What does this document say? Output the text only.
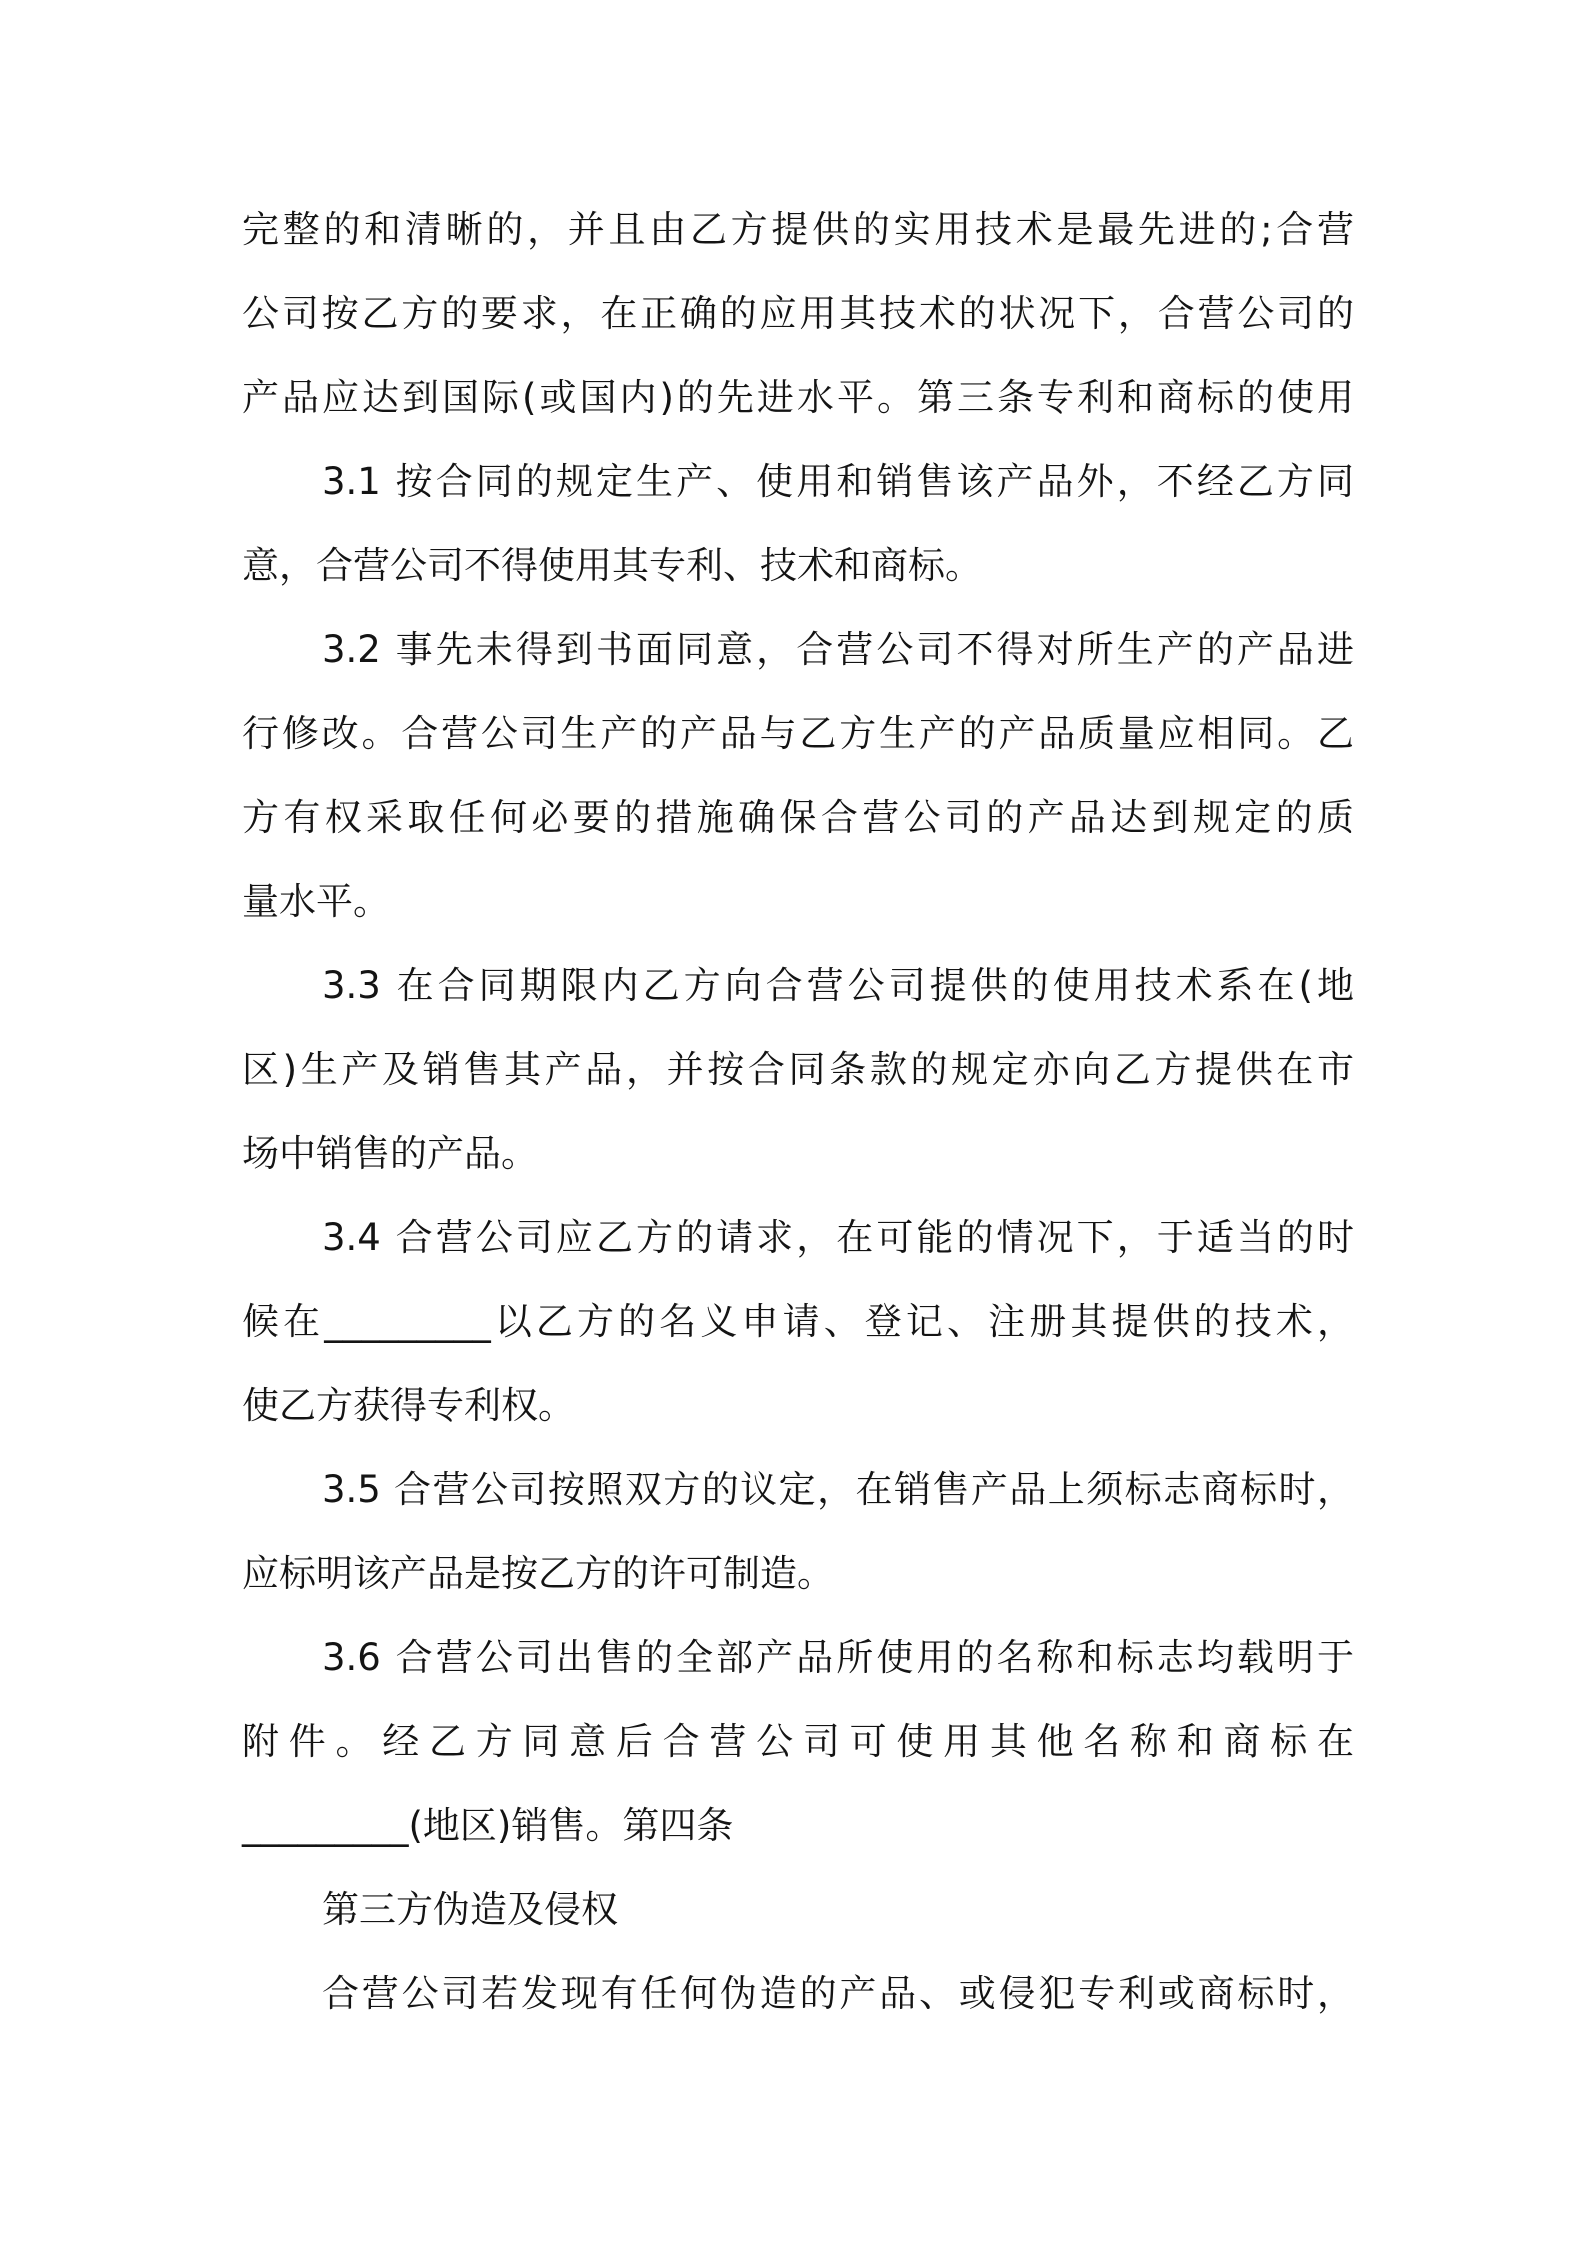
完整的和清晰的，并且由乙方提供的实用技术是最先进的;合营
公司按乙方的要求，在正确的应用其技术的状况下，合营公司的
产品应达到国际(或国内)的先进水平。第三条专利和商标的使用
3.1 按合同的规定生产、使用和销售该产品外，不经乙方同
意，合营公司不得使用其专利、技术和商标。
3.2 事先未得到书面同意，合营公司不得对所生产的产品进
行修改。合营公司生产的产品与乙方生产的产品质量应相同。乙
方有权采取任何必要的措施确保合营公司的产品达到规定的质
量水平。
3.3 在合同期限内乙方向合营公司提供的使用技术系在(地
区)生产及销售其产品，并按合同条款的规定亦向乙方提供在市
场中销售的产品。
3.4 合营公司应乙方的请求，在可能的情况下，于适当的时
候在_________以乙方的名义申请、登记、注册其提供的技术，
使乙方获得专利权。
3.5 合营公司按照双方的议定，在销售产品上须标志商标时，
应标明该产品是按乙方的许可制造。
3.6 合营公司出售的全部产品所使用的名称和标志均载明于
附件。经乙方同意后合营公司可使用其他名称和商标在
_________(地区)销售。第四条
第三方伪造及侵权
合营公司若发现有任何伪造的产品、或侵犯专利或商标时，
